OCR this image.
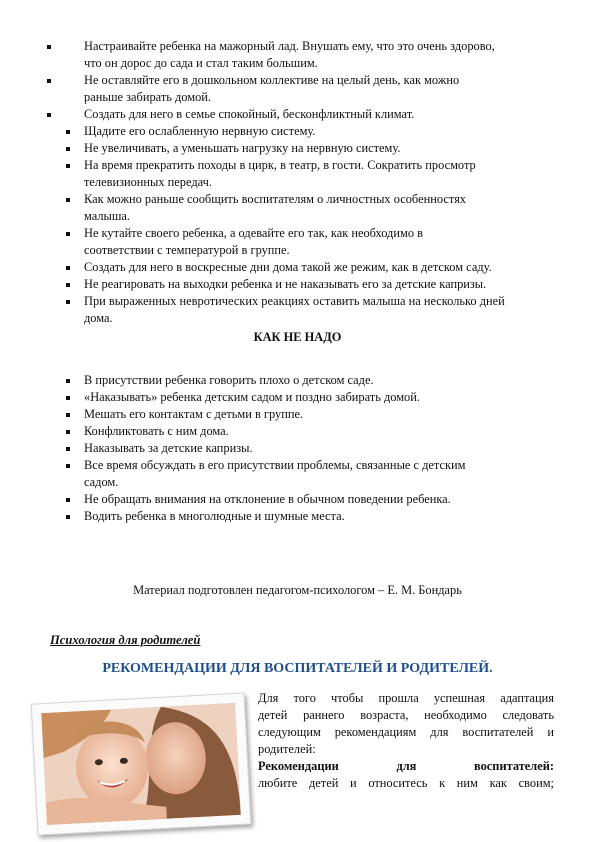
Настраивайте ребенка на мажорный лад. Внушать ему, что это очень здорово,
что он дорос до сада и стал таким большим.
Не оставляйте его в дошкольном коллективе на целый день, как можно
раньше забирать домой.
Создать для него в семье спокойный, бесконфликтный климат.
Щадите его ослабленную нервную систему.
Не увеличивать, а уменьшать нагрузку на нервную систему.
На время прекратить походы в цирк, в театр, в гости. Сократить просмотр
телевизионных передач.
Как можно раньше сообщить воспитателям о личностных особенностях
малыша.
Не кутайте своего ребенка, а одевайте его так, как необходимо в
соответствии с температурой в группе.
Создать для него в воскресные дни дома такой же режим, как в детском саду.
Не реагировать на выходки ребенка и не наказывать его за детские капризы.
При выраженных невротических реакциях оставить малыша на несколько дней
дома.
КАК НЕ НАДО
В присутствии ребенка говорить плохо о детском саде.
«Наказывать» ребенка детским садом и поздно забирать домой.
Мешать его контактам с детьми в группе.
Конфликтовать с ним дома.
Наказывать за детские капризы.
Все время обсуждать в его присутствии проблемы, связанные с детским
садом.
Не обращать внимания на отклонение в обычном поведении ребенка.
Водить ребенка в многолюдные и шумные места.
Материал подготовлен педагогом-психологом – Е. М. Бондарь
Психология для родителей
РЕКОМЕНДАЦИИ ДЛЯ ВОСПИТАТЕЛЕЙ И РОДИТЕЛЕЙ.
Для того чтобы прошла успешная адаптация
детей раннего возраста, необходимо следовать
следующим рекомендациям для воспитателей и
родителей:
Рекомендации	для	воспитателей:
любите детей и относитесь к ним как своим;
